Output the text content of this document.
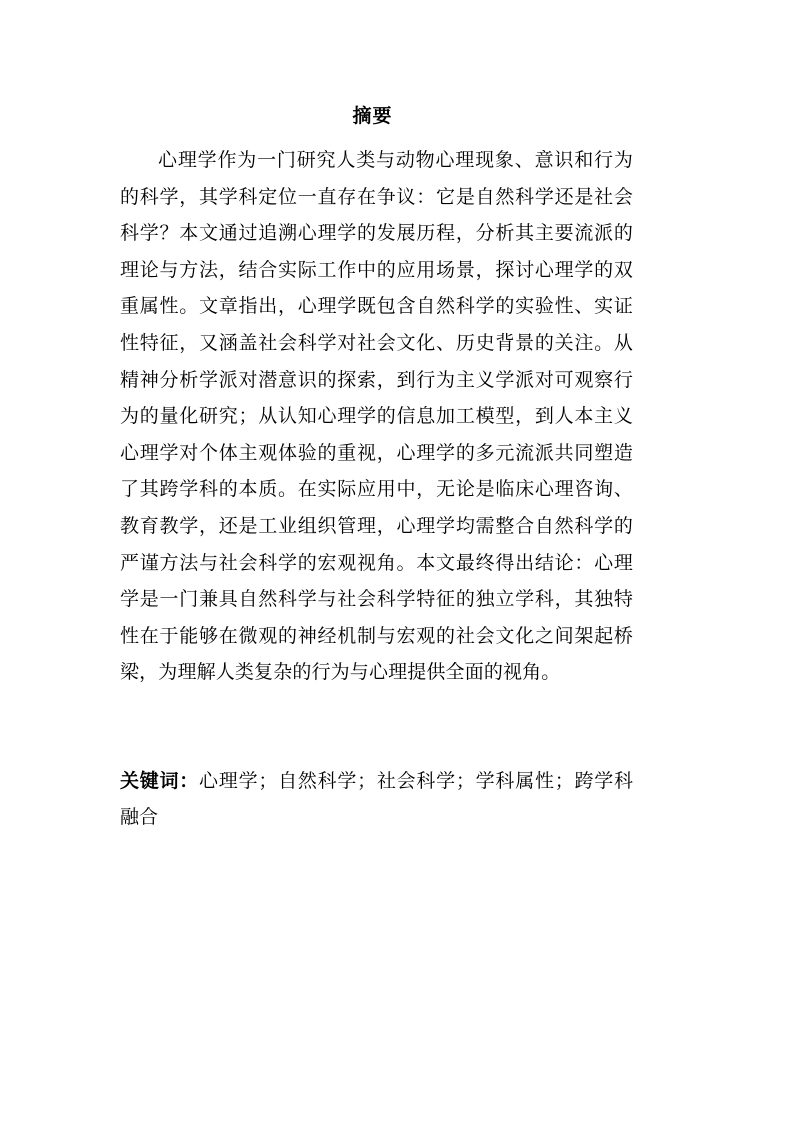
摘要

心理学作为一门研究人类与动物心理现象、意识和行为的科学，其学科定位一直存在争议：它是自然科学还是社会科学？本文通过追溯心理学的发展历程，分析其主要流派的理论与方法，结合实际工作中的应用场景，探讨心理学的双重属性。文章指出，心理学既包含自然科学的实验性、实证性特征，又涵盖社会科学对社会文化、历史背景的关注。从精神分析学派对潜意识的探索，到行为主义学派对可观察行为的量化研究；从认知心理学的信息加工模型，到人本主义心理学对个体主观体验的重视，心理学的多元流派共同塑造了其跨学科的本质。在实际应用中，无论是临床心理咨询、教育教学，还是工业组织管理，心理学均需整合自然科学的严谨方法与社会科学的宏观视角。本文最终得出结论：心理学是一门兼具自然科学与社会科学特征的独立学科，其独特性在于能够在微观的神经机制与宏观的社会文化之间架起桥梁，为理解人类复杂的行为与心理提供全面的视角。

关键词：心理学；自然科学；社会科学；学科属性；跨学科融合
